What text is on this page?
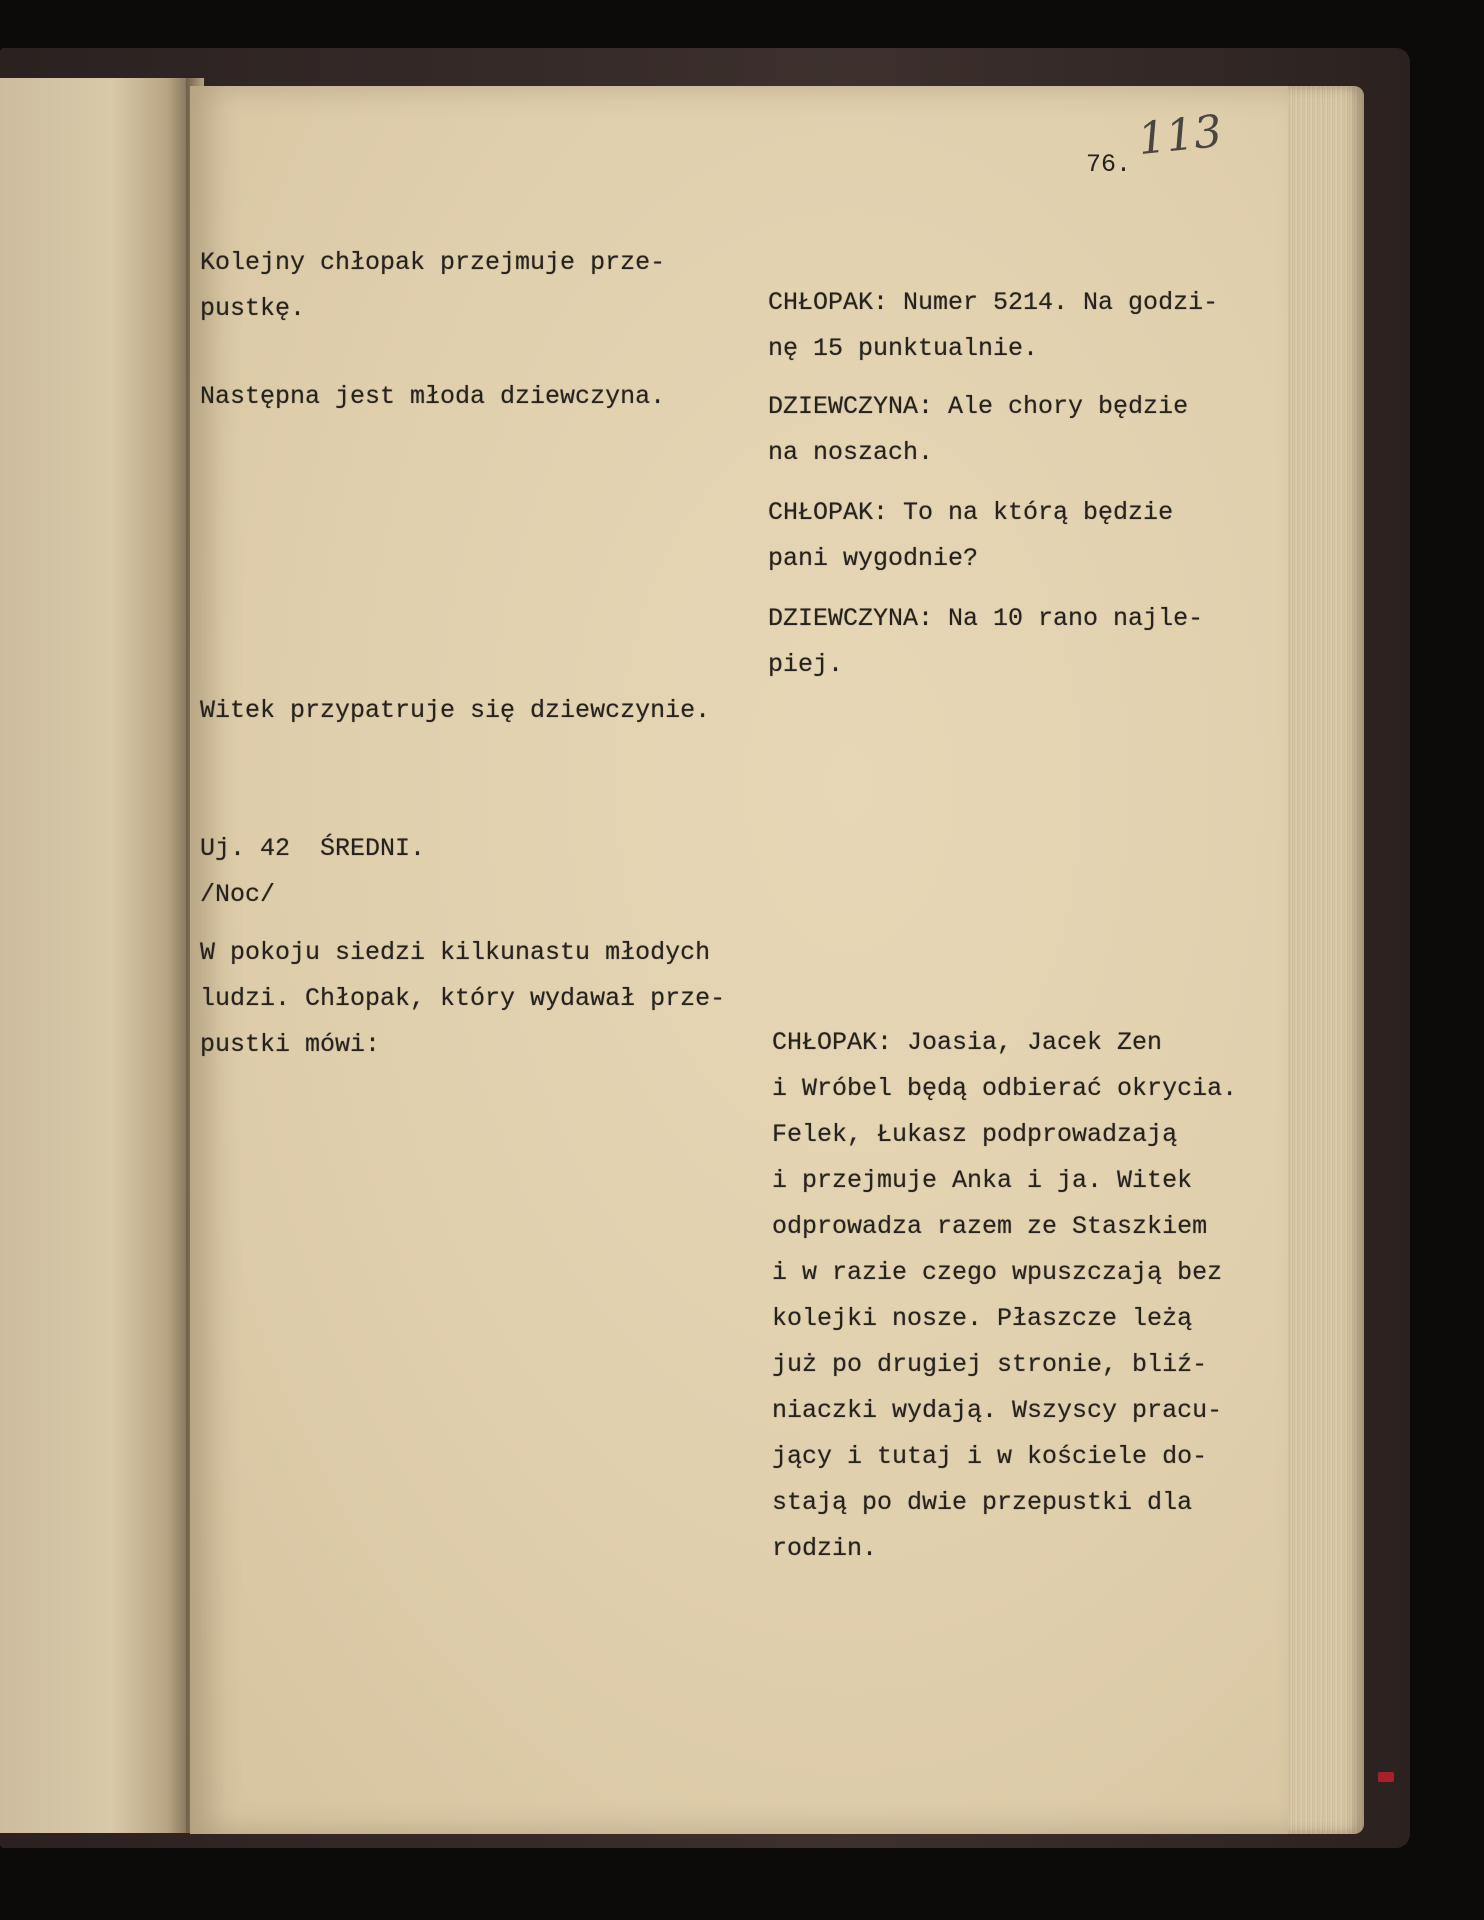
113
76.
Kolejny chłopak przejmuje prze-
pustkę.
Następna jest młoda dziewczyna.
Witek przypatruje się dziewczynie.
Uj. 42  ŚREDNI.
/Noc/
W pokoju siedzi kilkunastu młodych
ludzi. Chłopak, który wydawał prze-
pustki mówi:
CHŁOPAK: Numer 5214. Na godzi-
nę 15 punktualnie.
DZIEWCZYNA: Ale chory będzie
na noszach.
CHŁOPAK: To na którą będzie
pani wygodnie?
DZIEWCZYNA: Na 10 rano najle-
piej.
CHŁOPAK: Joasia, Jacek Zen
i Wróbel będą odbierać okrycia.
Felek, Łukasz podprowadzają
i przejmuje Anka i ja. Witek
odprowadza razem ze Staszkiem
i w razie czego wpuszczają bez
kolejki nosze. Płaszcze leżą
już po drugiej stronie, bliź-
niaczki wydają. Wszyscy pracu-
jący i tutaj i w kościele do-
stają po dwie przepustki dla
rodzin.
